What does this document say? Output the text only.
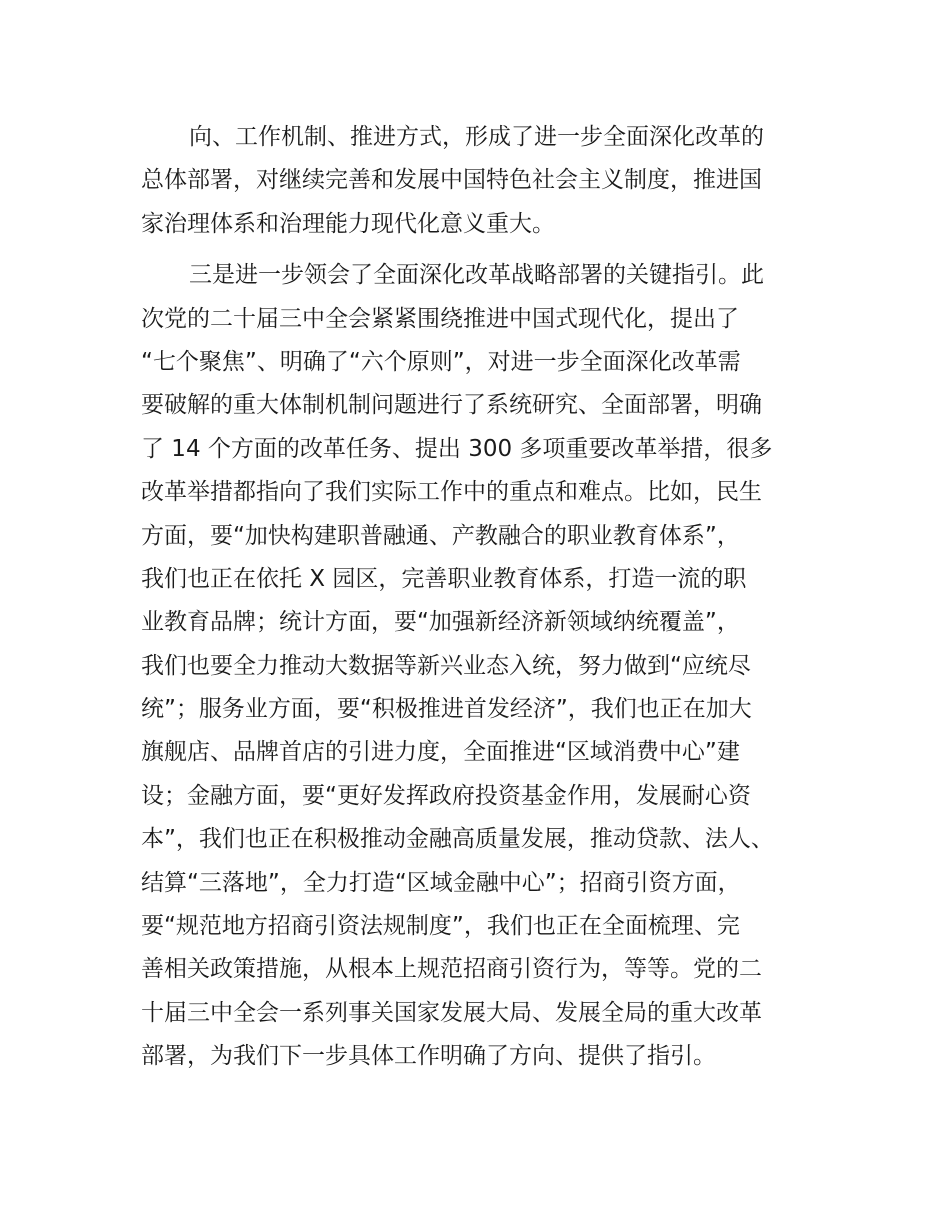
向、工作机制、推进方式，形成了进一步全面深化改革的
总体部署，对继续完善和发展中国特色社会主义制度，推进国
家治理体系和治理能力现代化意义重大。
三是进一步领会了全面深化改革战略部署的关键指引。此
次党的二十届三中全会紧紧围绕推进中国式现代化，提出了
“七个聚焦”、明确了“六个原则”，对进一步全面深化改革需
要破解的重大体制机制问题进行了系统研究、全面部署，明确
了 14 个方面的改革任务、提出 300 多项重要改革举措，很多
改革举措都指向了我们实际工作中的重点和难点。比如，民生
方面，要“加快构建职普融通、产教融合的职业教育体系”，
我们也正在依托 X 园区，完善职业教育体系，打造一流的职
业教育品牌；统计方面，要“加强新经济新领域纳统覆盖”，
我们也要全力推动大数据等新兴业态入统，努力做到“应统尽
统”；服务业方面，要“积极推进首发经济”，我们也正在加大
旗舰店、品牌首店的引进力度，全面推进“区域消费中心”建
设；金融方面，要“更好发挥政府投资基金作用，发展耐心资
本”，我们也正在积极推动金融高质量发展，推动贷款、法人、
结算“三落地”，全力打造“区域金融中心”；招商引资方面，
要“规范地方招商引资法规制度”，我们也正在全面梳理、完
善相关政策措施，从根本上规范招商引资行为，等等。党的二
十届三中全会一系列事关国家发展大局、发展全局的重大改革
部署，为我们下一步具体工作明确了方向、提供了指引。
